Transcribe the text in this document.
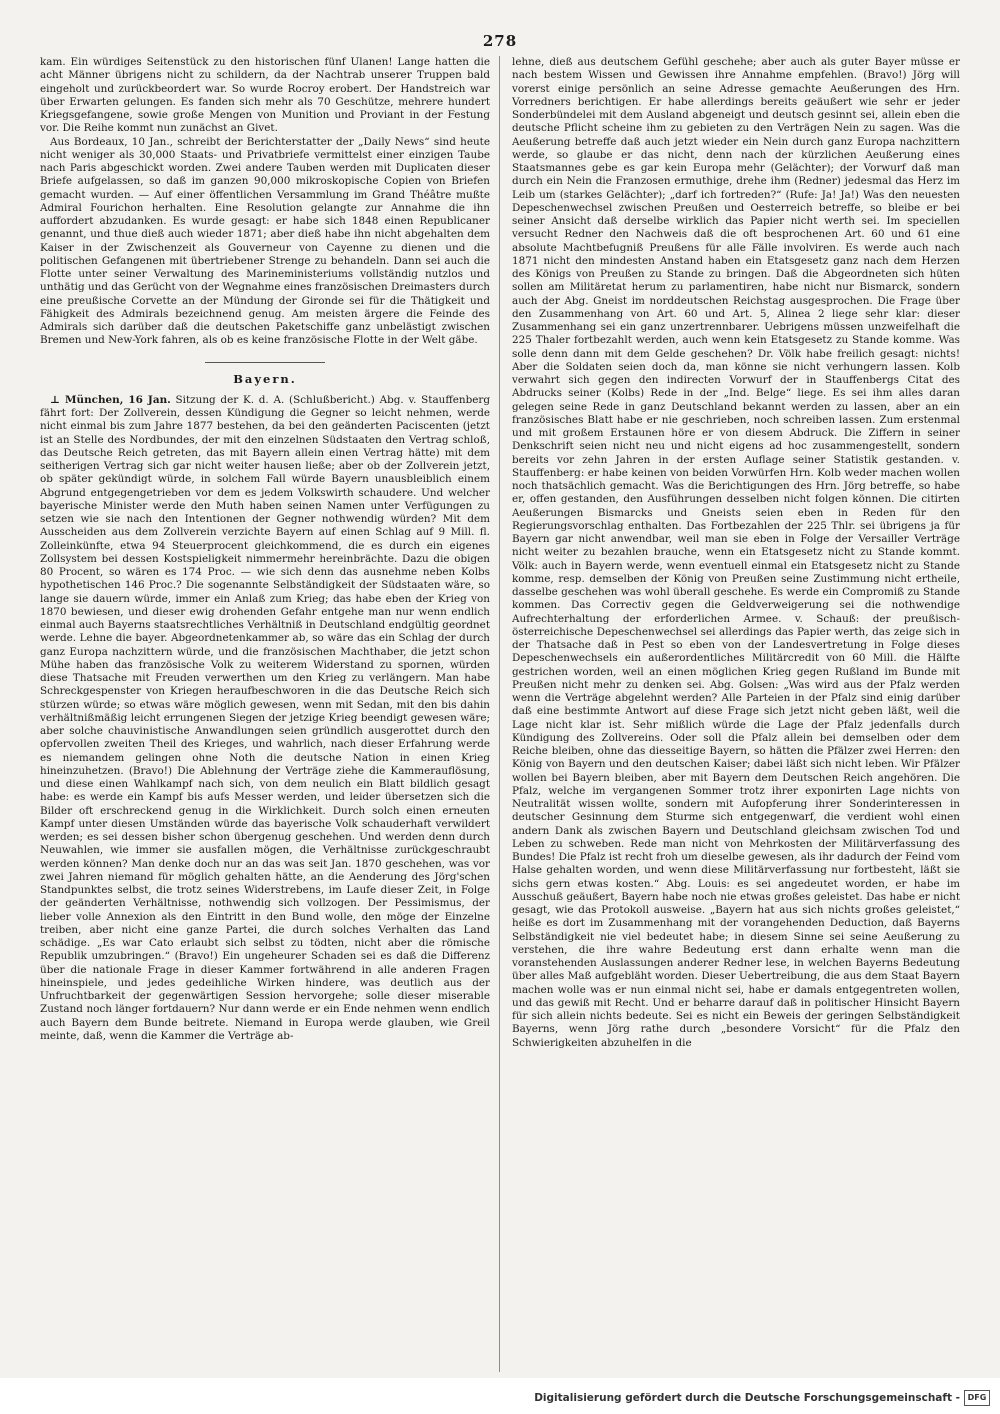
278

kam. Ein würdiges Seitenstück zu den historischen fünf Ulanen! Lange hatten die acht Männer übrigens nicht zu schildern, da der Nachtrab unserer Truppen bald eingeholt und zurückbeordert war. So wurde Rocroy erobert. Der Handstreich war über Erwarten gelungen. Es fanden sich mehr als 70 Geschütze, mehrere hundert Kriegsgefangene, sowie große Mengen von Munition und Proviant in der Festung vor. Die Reihe kommt nun zunächst an Givet.

Aus Bordeaux, 10 Jan., schreibt der Berichterstatter der „Daily News“ sind heute nicht weniger als 30,000 Staats- und Privatbriefe vermittelst einer einzigen Taube nach Paris abgeschickt worden. Zwei andere Tauben werden mit Duplicaten dieser Briefe aufgelassen, so daß im ganzen 90,000 mikroskopische Copien von Briefen gemacht wurden. — Auf einer öffentlichen Versammlung im Grand Théâtre mußte Admiral Fourichon herhalten. Eine Resolution gelangte zur Annahme die ihn auffordert abzudanken. Es wurde gesagt: er habe sich 1848 einen Republicaner genannt, und thue dieß auch wieder 1871; aber dieß habe ihn nicht abgehalten dem Kaiser in der Zwischenzeit als Gouverneur von Cayenne zu dienen und die politischen Gefangenen mit übertriebener Strenge zu behandeln. Dann sei auch die Flotte unter seiner Verwaltung des Marineministeriums vollständig nutzlos und unthätig und das Gerücht von der Wegnahme eines französischen Dreimasters durch eine preußische Corvette an der Mündung der Gironde sei für die Thätigkeit und Fähigkeit des Admirals bezeichnend genug. Am meisten ärgere die Feinde des Admirals sich darüber daß die deutschen Paketschiffe ganz unbelästigt zwischen Bremen und New-York fahren, als ob es keine französische Flotte in der Welt gäbe.

Bayern.

⊥ München, 16 Jan. Sitzung der K. d. A. (Schlußbericht.) Abg. v. Stauffenberg fährt fort: Der Zollverein, dessen Kündigung die Gegner so leicht nehmen, werde nicht einmal bis zum Jahre 1877 bestehen, da bei den geänderten Paciscenten (jetzt ist an Stelle des Nordbundes, der mit den einzelnen Südstaaten den Vertrag schloß, das Deutsche Reich getreten, das mit Bayern allein einen Vertrag hätte) mit dem seitherigen Vertrag sich gar nicht weiter hausen ließe; aber ob der Zollverein jetzt, ob später gekündigt würde, in solchem Fall würde Bayern unausbleiblich einem Abgrund entgegengetrieben vor dem es jedem Volkswirth schaudere. Und welcher bayerische Minister werde den Muth haben seinen Namen unter Verfügungen zu setzen wie sie nach den Intentionen der Gegner nothwendig würden? Mit dem Ausscheiden aus dem Zollverein verzichte Bayern auf einen Schlag auf 9 Mill. fl. Zolleinkünfte, etwa 94 Steuerprocent gleichkommend, die es durch ein eigenes Zollsystem bei dessen Kostspieligkeit nimmermehr hereinbrächte. Dazu die obigen 80 Procent, so wären es 174 Proc. — wie sich denn das ausnehme neben Kolbs hypothetischen 146 Proc.? Die sogenannte Selbständigkeit der Südstaaten wäre, so lange sie dauern würde, immer ein Anlaß zum Krieg; das habe eben der Krieg von 1870 bewiesen, und dieser ewig drohenden Gefahr entgehe man nur wenn endlich einmal auch Bayerns staatsrechtliches Verhältniß in Deutschland endgültig geordnet werde. Lehne die bayer. Abgeordnetenkammer ab, so wäre das ein Schlag der durch ganz Europa nachzittern würde, und die französischen Machthaber, die jetzt schon Mühe haben das französische Volk zu weiterem Widerstand zu spornen, würden diese Thatsache mit Freuden verwerthen um den Krieg zu verlängern. Man habe Schreckgespenster von Kriegen heraufbeschworen in die das Deutsche Reich sich stürzen würde; so etwas wäre möglich gewesen, wenn mit Sedan, mit den bis dahin verhältnißmäßig leicht errungenen Siegen der jetzige Krieg beendigt gewesen wäre; aber solche chauvinistische Anwandlungen seien gründlich ausgerottet durch den opfervollen zweiten Theil des Krieges, und wahrlich, nach dieser Erfahrung werde es niemandem gelingen ohne Noth die deutsche Nation in einen Krieg hineinzuhetzen. (Bravo!) Die Ablehnung der Verträge ziehe die Kammerauflösung, und diese einen Wahlkampf nach sich, von dem neulich ein Blatt bildlich gesagt habe: es werde ein Kampf bis aufs Messer werden, und leider übersetzen sich die Bilder oft erschreckend genug in die Wirklichkeit. Durch solch einen erneuten Kampf unter diesen Umständen würde das bayerische Volk schauderhaft verwildert werden; es sei dessen bisher schon übergenug geschehen. Und werden denn durch Neuwahlen, wie immer sie ausfallen mögen, die Verhältnisse zurückgeschraubt werden können? Man denke doch nur an das was seit Jan. 1870 geschehen, was vor zwei Jahren niemand für möglich gehalten hätte, an die Aenderung des Jörg'schen Standpunktes selbst, die trotz seines Widerstrebens, im Laufe dieser Zeit, in Folge der geänderten Verhältnisse, nothwendig sich vollzogen. Der Pessimismus, der lieber volle Annexion als den Eintritt in den Bund wolle, den möge der Einzelne treiben, aber nicht eine ganze Partei, die durch solches Verhalten das Land schädige. „Es war Cato erlaubt sich selbst zu tödten, nicht aber die römische Republik umzubringen.“ (Bravo!) Ein ungeheurer Schaden sei es daß die Differenz über die nationale Frage in dieser Kammer fortwährend in alle anderen Fragen hineinspiele, und jedes gedeihliche Wirken hindere, was deutlich aus der Unfruchtbarkeit der gegenwärtigen Session hervorgehe; solle dieser miserable Zustand noch länger fortdauern? Nur dann werde er ein Ende nehmen wenn endlich auch Bayern dem Bunde beitrete. Niemand in Europa werde glauben, wie Greil meinte, daß, wenn die Kammer die Verträge ab-

lehne, dieß aus deutschem Gefühl geschehe; aber auch als guter Bayer müsse er nach bestem Wissen und Gewissen ihre Annahme empfehlen. (Bravo!) Jörg will vorerst einige persönlich an seine Adresse gemachte Aeußerungen des Hrn. Vorredners berichtigen. Er habe allerdings bereits geäußert wie sehr er jeder Sonderbündelei mit dem Ausland abgeneigt und deutsch gesinnt sei, allein eben die deutsche Pflicht scheine ihm zu gebieten zu den Verträgen Nein zu sagen. Was die Aeußerung betreffe daß auch jetzt wieder ein Nein durch ganz Europa nachzittern werde, so glaube er das nicht, denn nach der kürzlichen Aeußerung eines Staatsmannes gebe es gar kein Europa mehr (Gelächter); der Vorwurf daß man durch ein Nein die Franzosen ermuthige, drehe ihm (Redner) jedesmal das Herz im Leib um (starkes Gelächter); „darf ich fortreden?“ (Rufe: Ja! Ja!) Was den neuesten Depeschenwechsel zwischen Preußen und Oesterreich betreffe, so bleibe er bei seiner Ansicht daß derselbe wirklich das Papier nicht werth sei. Im speciellen versucht Redner den Nachweis daß die oft besprochenen Art. 60 und 61 eine absolute Machtbefugniß Preußens für alle Fälle involviren. Es werde auch nach 1871 nicht den mindesten Anstand haben ein Etatsgesetz ganz nach dem Herzen des Königs von Preußen zu Stande zu bringen. Daß die Abgeordneten sich hüten sollen am Militäretat herum zu parlamentiren, habe nicht nur Bismarck, sondern auch der Abg. Gneist im norddeutschen Reichstag ausgesprochen. Die Frage über den Zusammenhang von Art. 60 und Art. 5, Alinea 2 liege sehr klar: dieser Zusammenhang sei ein ganz unzertrennbarer. Uebrigens müssen unzweifelhaft die 225 Thaler fortbezahlt werden, auch wenn kein Etatsgesetz zu Stande komme. Was solle denn dann mit dem Gelde geschehen? Dr. Völk habe freilich gesagt: nichts! Aber die Soldaten seien doch da, man könne sie nicht verhungern lassen. Kolb verwahrt sich gegen den indirecten Vorwurf der in Stauffenbergs Citat des Abdrucks seiner (Kolbs) Rede in der „Ind. Belge“ liege. Es sei ihm alles daran gelegen seine Rede in ganz Deutschland bekannt werden zu lassen, aber an ein französisches Blatt habe er nie geschrieben, noch schreiben lassen. Zum erstenmal und mit großem Erstaunen höre er von diesem Abdruck. Die Ziffern in seiner Denkschrift seien nicht neu und nicht eigens ad hoc zusammengestellt, sondern bereits vor zehn Jahren in der ersten Auflage seiner Statistik gestanden. v. Stauffenberg: er habe keinen von beiden Vorwürfen Hrn. Kolb weder machen wollen noch thatsächlich gemacht. Was die Berichtigungen des Hrn. Jörg betreffe, so habe er, offen gestanden, den Ausführungen desselben nicht folgen können. Die citirten Aeußerungen Bismarcks und Gneists seien eben in Reden für den Regierungsvorschlag enthalten. Das Fortbezahlen der 225 Thlr. sei übrigens ja für Bayern gar nicht anwendbar, weil man sie eben in Folge der Versailler Verträge nicht weiter zu bezahlen brauche, wenn ein Etatsgesetz nicht zu Stande kommt. Völk: auch in Bayern werde, wenn eventuell einmal ein Etatsgesetz nicht zu Stande komme, resp. demselben der König von Preußen seine Zustimmung nicht ertheile, dasselbe geschehen was wohl überall geschehe. Es werde ein Compromiß zu Stande kommen. Das Correctiv gegen die Geldverweigerung sei die nothwendige Aufrechterhaltung der erforderlichen Armee. v. Schauß: der preußisch-österreichische Depeschenwechsel sei allerdings das Papier werth, das zeige sich in der Thatsache daß in Pest so eben von der Landesvertretung in Folge dieses Depeschenwechsels ein außerordentliches Militärcredit von 60 Mill. die Hälfte gestrichen worden, weil an einen möglichen Krieg gegen Rußland im Bunde mit Preußen nicht mehr zu denken sei. Abg. Golsen: „Was wird aus der Pfalz werden wenn die Verträge abgelehnt werden? Alle Parteien in der Pfalz sind einig darüber daß eine bestimmte Antwort auf diese Frage sich jetzt nicht geben läßt, weil die Lage nicht klar ist. Sehr mißlich würde die Lage der Pfalz jedenfalls durch Kündigung des Zollvereins. Oder soll die Pfalz allein bei demselben oder dem Reiche bleiben, ohne das diesseitige Bayern, so hätten die Pfälzer zwei Herren: den König von Bayern und den deutschen Kaiser; dabei läßt sich nicht leben. Wir Pfälzer wollen bei Bayern bleiben, aber mit Bayern dem Deutschen Reich angehören. Die Pfalz, welche im vergangenen Sommer trotz ihrer exponirten Lage nichts von Neutralität wissen wollte, sondern mit Aufopferung ihrer Sonderinteressen in deutscher Gesinnung dem Sturme sich entgegenwarf, die verdient wohl einen andern Dank als zwischen Bayern und Deutschland gleichsam zwischen Tod und Leben zu schweben. Rede man nicht von Mehrkosten der Militärverfassung des Bundes! Die Pfalz ist recht froh um dieselbe gewesen, als ihr dadurch der Feind vom Halse gehalten worden, und wenn diese Militärverfassung nur fortbesteht, läßt sie sichs gern etwas kosten.“ Abg. Louis: es sei angedeutet worden, er habe im Ausschuß geäußert, Bayern habe noch nie etwas großes geleistet. Das habe er nicht gesagt, wie das Protokoll ausweise. „Bayern hat aus sich nichts großes geleistet,“ heiße es dort im Zusammenhang mit der vorangehenden Deduction, daß Bayerns Selbständigkeit nie viel bedeutet habe; in diesem Sinne sei seine Aeußerung zu verstehen, die ihre wahre Bedeutung erst dann erhalte wenn man die voranstehenden Auslassungen anderer Redner lese, in welchen Bayerns Bedeutung über alles Maß aufgebläht worden. Dieser Uebertreibung, die aus dem Staat Bayern machen wolle was er nun einmal nicht sei, habe er damals entgegentreten wollen, und das gewiß mit Recht. Und er beharre darauf daß in politischer Hinsicht Bayern für sich allein nichts bedeute. Sei es nicht ein Beweis der geringen Selbständigkeit Bayerns, wenn Jörg rathe durch „besondere Vorsicht“ für die Pfalz den Schwierigkeiten abzuhelfen in die

Digitalisierung gefördert durch die Deutsche Forschungsgemeinschaft - DFG
